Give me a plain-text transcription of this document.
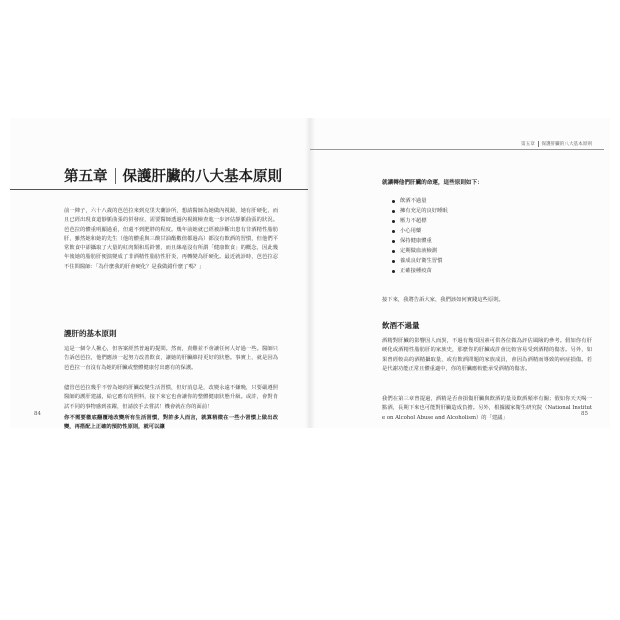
第五章 保護肝臟的八大基本原則
前一陣子，六十八歲的芭芭拉來到克里夫蘭診所，想請醫師為她做內視鏡，她有肝硬化，而且已經出現食道靜脈曲張的併發症，需要醫師透過內視鏡檢查進一步評估靜脈曲張的狀況。芭芭拉的體重明顯過重，但還不到肥胖的程度。幾年前她就已經被診斷出患有非酒精性脂肪肝，雖然她和她的先生（他的體重與三酸甘油酯數值都過高）都沒有飲酒的習慣，但他們平常飲食中卻攝取了大量的紅肉類和馬鈴薯，而且絲毫沒有所謂「健康飲食」的概念，因此幾年後她的脂肪肝便演變成了非酒精性脂肪性肝炎，再轉變為肝硬化。最近就診時，芭芭拉忍不住問醫師：「為什麼我的肝會硬化？是我做錯什麼了嗎？」
護肝的基本原則
這是一個令人揪心，但客案經然普遍的提問。然而，責難並不會讓任何人好過一些。醫師只告訴芭芭拉，他們應該一起努力改善飲食，讓她的肝臟維持更好的狀態。事實上，就是因為芭芭拉一直沒有為她的肝臟或整體健康付出應有的保護。
儘管芭芭拉幾乎不曾為她的肝臟改變生活習慣，但好消息是，改變永遠不嫌晚，只要嚴遵照醫師的護肝建議，給它應有的照料，接下來它也會讓你的整體健康狀態升級。或許，會對肯試不同的事物感到雀躍，但請放手去嘗試！機會就在你的面前！
你不需要徹底翻覆地改變所有生活習慣，對許多人而言，就算稍微在一些小習慣上做出改變，再搭配上正確的預防性原則，就可以讓
84
第五章 保護肝臟的八大基本原則
就讓轉他們肝臟的命運，這些原則如下：
飲酒不過量
擁有充足的良好睡眠
壓力不超標
小心用藥
保持健康體重
定期做血液檢測
養成良好衛生習慣
正確接種疫苗
接下來，我將告訴大家，我們該如何實踐這些原則。
飲酒不過量
酒精對肝臟的影響因人而異，不過有幾項因素可供各位做為評估風險的參考。假如你有肝硬化或酒精性脂肪肝的家族史，那麼你的肝臟或許會比較容易受到酒精的傷害。另外，如果曾經較高的酒精攝取量，或有飲酒問題的家族成員，會因為酒精而導致的病症損傷。若是代謝功能正常且體重適中，你的肝臟應較能承受酒精的傷害。
我們在第三章曾提過，酒精是否會損傷肝臟與飲酒的量及飲酒頻率有關；假如你天天喝一點酒，長期下來也可能對肝臟造成負擔。另外，根據國家衛生研究院（National Institute on Alcohol Abuse and Alcoholism）的「建議」
85
